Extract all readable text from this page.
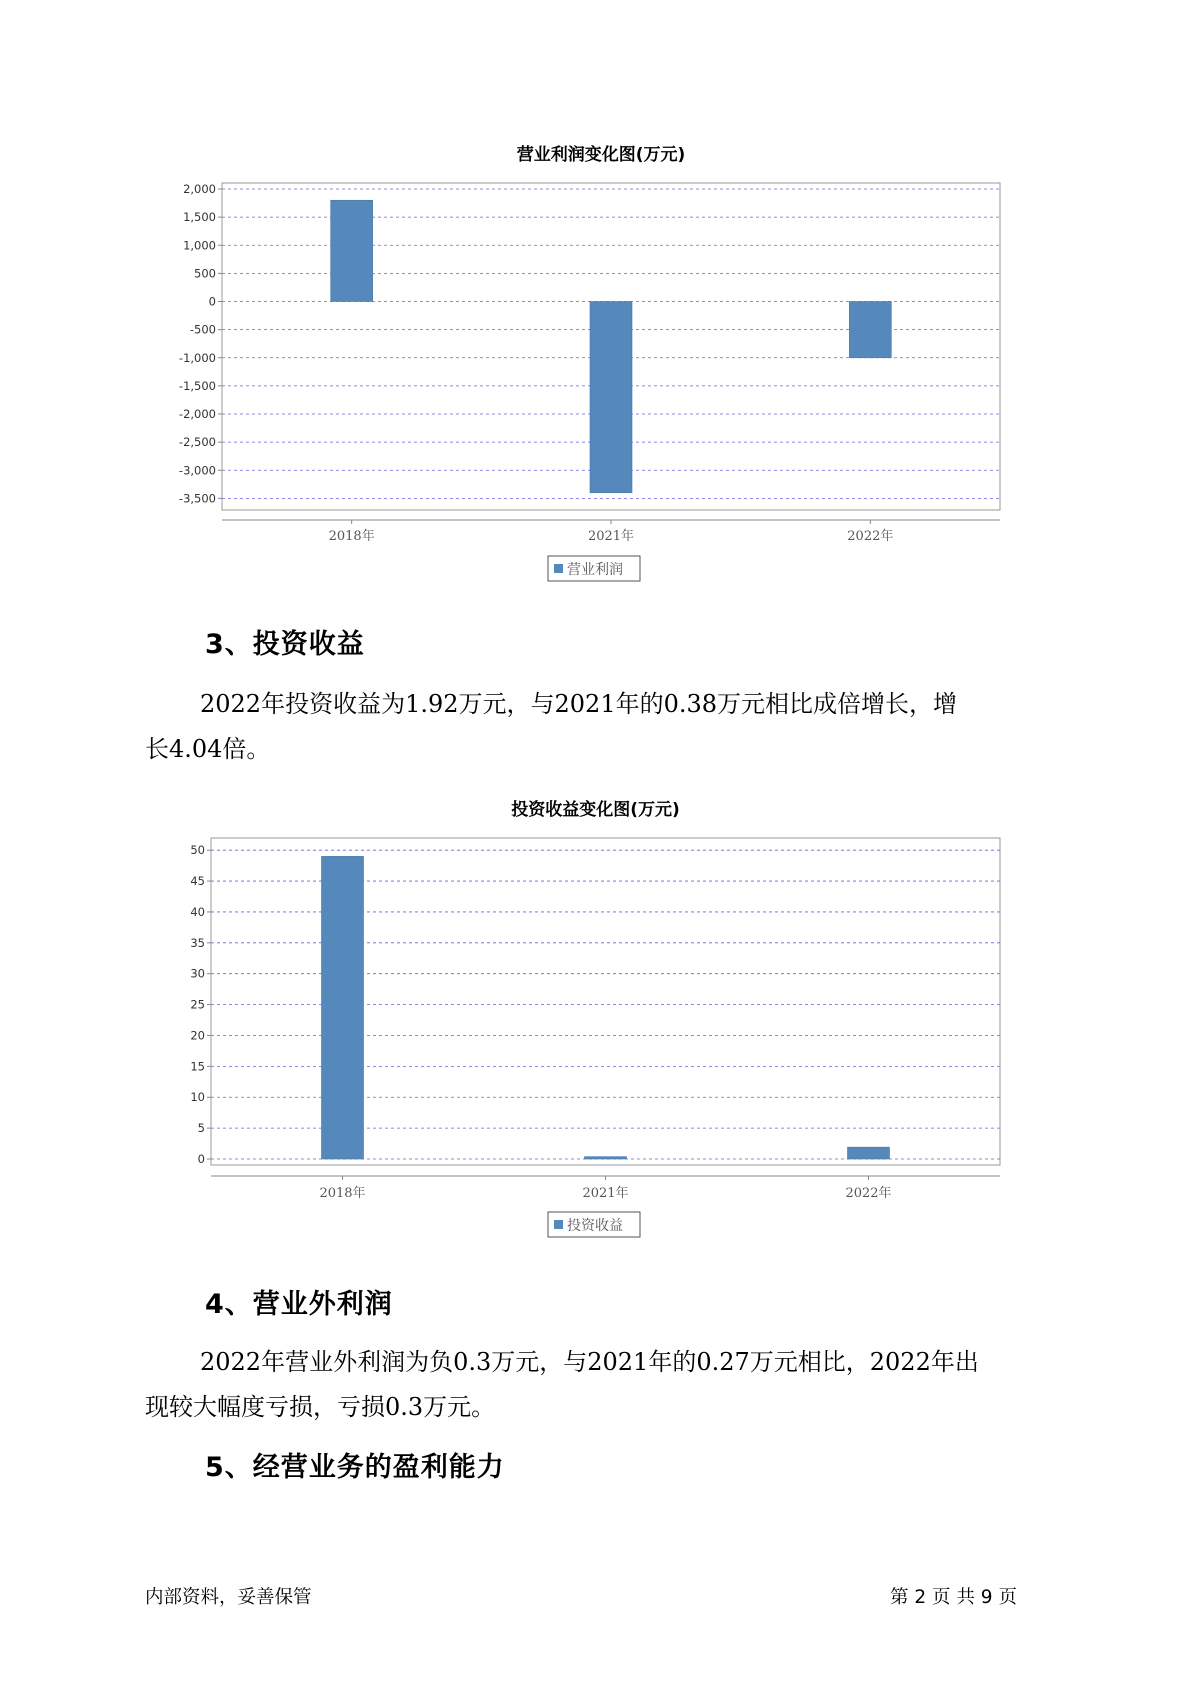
营业利润变化图(万元)
2,000
1,500
1,000
500
0
-500
-1,000
-1,500
-2,000
-2,500
-3,000
-3,500
2018年	2021年	2022年
营业利润
3、投资收益
2022年投资收益为1.92万元，与2021年的0.38万元相比成倍增长，增
长4.04倍。
投资收益变化图(万元)
50
45
40
35
30
25
20
15
10
5
0
2018年	2021年	2022年
投资收益
4、营业外利润
2022年营业外利润为负0.3万元，与2021年的0.27万元相比，2022年出
现较大幅度亏损，亏损0.3万元。
5、经营业务的盈利能力
内部资料，妥善保管	第 2 页 共 9 页
